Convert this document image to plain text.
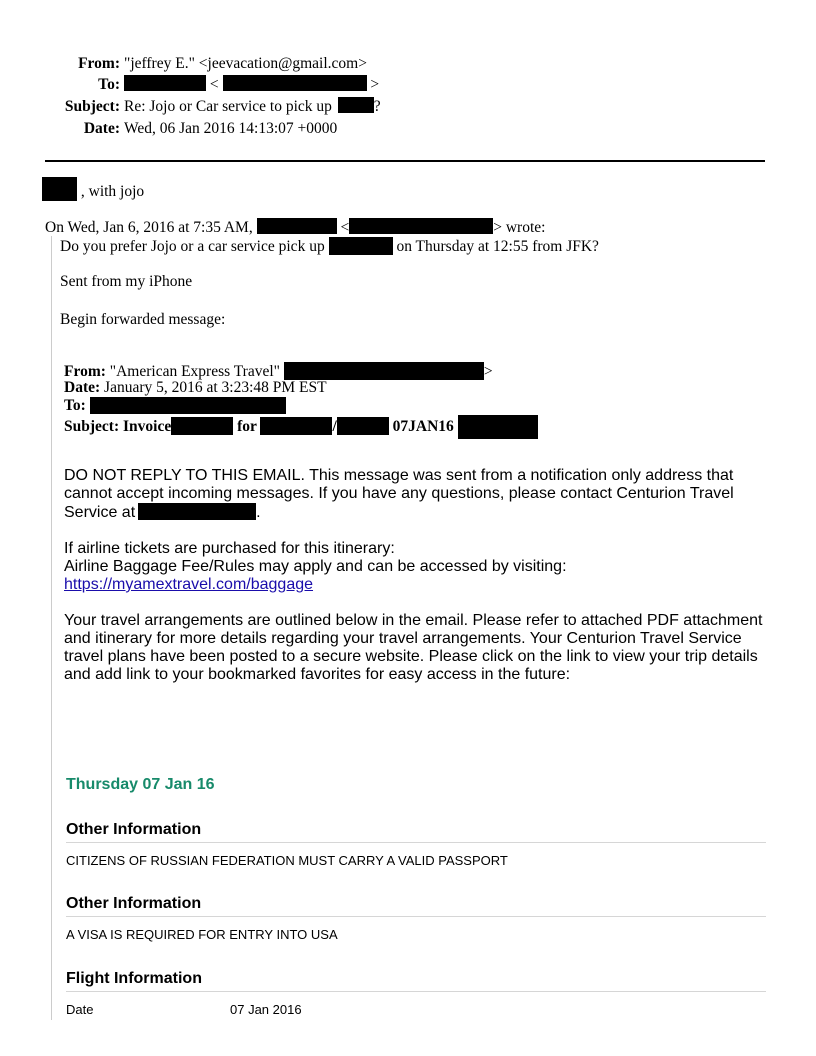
From: "jeffrey E." <jeevacation@gmail.com>
To:	<	>
Subject: Re: Jojo or Car service to pick up	?
Date: Wed, 06 Jan 2016 14:13:07 +0000
, with jojo
On Wed, Jan 6, 2016 at 7:35 AM,	<	> wrote:
Do you prefer Jojo or a car service pick up	on Thursday at 12:55 from JFK?
Sent from my iPhone
Begin forwarded message:
From: "American Express Travel"	>
Date: January 5, 2016 at 3:23:48 PM EST
To:
Subject: Invoice	for	/	07JAN16
DO NOT REPLY TO THIS EMAIL. This message was sent from a notification only address that cannot accept incoming messages. If you have any questions, please contact Centurion Travel Service at	.
If airline tickets are purchased for this itinerary:
Airline Baggage Fee/Rules may apply and can be accessed by visiting:
https://myamextravel.com/baggage
Your travel arrangements are outlined below in the email. Please refer to attached PDF attachment and itinerary for more details regarding your travel arrangements. Your Centurion Travel Service travel plans have been posted to a secure website. Please click on the link to view your trip details and add link to your bookmarked favorites for easy access in the future:
Thursday 07 Jan 16
Other Information
CITIZENS OF RUSSIAN FEDERATION MUST CARRY A VALID PASSPORT
Other Information
A VISA IS REQUIRED FOR ENTRY INTO USA
Flight Information
Date	07 Jan 2016
